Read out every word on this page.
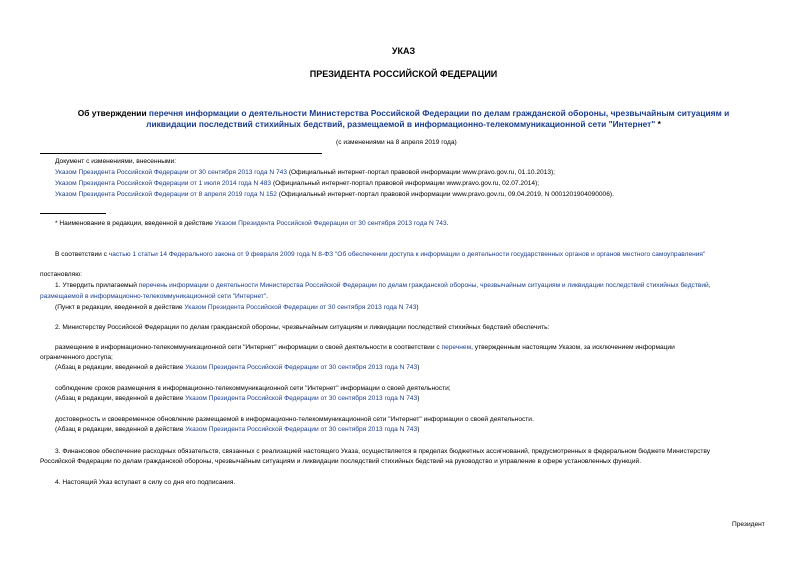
УКАЗ
ПРЕЗИДЕНТА РОССИЙСКОЙ ФЕДЕРАЦИИ
Об утверждении перечня информации о деятельности Министерства Российской Федерации по делам гражданской обороны, чрезвычайным ситуациям и
ликвидации последствий стихийных бедствий, размещаемой в информационно-телекоммуникационной сети "Интернет" *
(с изменениями на 8 апреля 2019 года)
Документ с изменениями, внесенными:
Указом Президента Российской Федерации от 30 сентября 2013 года N 743 (Официальный интернет-портал правовой информации www.pravo.gov.ru, 01.10.2013);
Указом Президента Российской Федерации от 1 июля 2014 года N 483 (Официальный интернет-портал правовой информации www.pravo.gov.ru, 02.07.2014);
Указом Президента Российской Федерации от 8 апреля 2019 года N 152 (Официальный интернет-портал правовой информации www.pravo.gov.ru, 09.04.2019, N 0001201904090006).
* Наименование в редакции, введенной в действие Указом Президента Российской Федерации от 30 сентября 2013 года N 743.
В соответствии с частью 1 статьи 14 Федерального закона от 9 февраля 2009 года N 8-ФЗ "Об обеспечении доступа к информации о деятельности государственных органов и органов местного самоуправления"
постановляю:
1. Утвердить прилагаемый перечень информации о деятельности Министерства Российской Федерации по делам гражданской обороны, чрезвычайным ситуациям и ликвидации последствий стихийных бедствий,
размещаемой в информационно-телекоммуникационной сети "Интернет".
(Пункт в редакции, введенной в действие Указом Президента Российской Федерации от 30 сентября 2013 года N 743)
2. Министерству Российской Федерации по делам гражданской обороны, чрезвычайным ситуациям и ликвидации последствий стихийных бедствий обеспечить:
размещение в информационно-телекоммуникационной сети "Интернет" информации о своей деятельности в соответствии с перечнем, утвержденным настоящим Указом, за исключением информации
ограниченного доступа;
(Абзац в редакции, введенной в действие Указом Президента Российской Федерации от 30 сентября 2013 года N 743)
соблюдение сроков размещения в информационно-телекоммуникационной сети "Интернет" информации о своей деятельности;
(Абзац в редакции, введенной в действие Указом Президента Российской Федерации от 30 сентября 2013 года N 743)
достоверность и своевременное обновление размещаемой в информационно-телекоммуникационной сети "Интернет" информации о своей деятельности.
(Абзац в редакции, введенной в действие Указом Президента Российской Федерации от 30 сентября 2013 года N 743)
3. Финансовое обеспечение расходных обязательств, связанных с реализацией настоящего Указа, осуществляется в пределах бюджетных ассигнований, предусмотренных в федеральном бюджете Министерству
Российской Федерации по делам гражданской обороны, чрезвычайным ситуациям и ликвидации последствий стихийных бедствий на руководство и управление в сфере установленных функций.
4. Настоящий Указ вступает в силу со дня его подписания.
Президент
